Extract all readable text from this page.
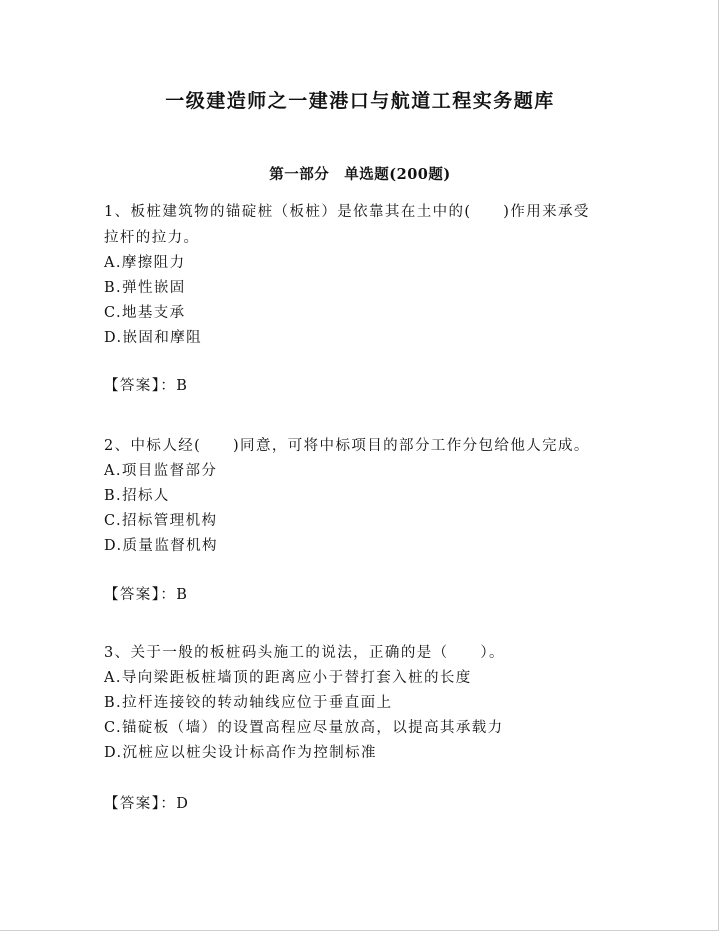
一级建造师之一建港口与航道工程实务题库
第一部分　单选题(200题)

1、板桩建筑物的锚碇桩（板桩）是依靠其在土中的(　　)作用来承受

拉杆的拉力。

A.摩擦阻力
B.弹性嵌固
C.地基支承
D.嵌固和摩阻
【答案】：B

2、中标人经(　　)同意，可将中标项目的部分工作分包给他人完成。

A.项目监督部分
B.招标人
C.招标管理机构
D.质量监督机构
【答案】：B

3、关于一般的板桩码头施工的说法，正确的是（　　）。

A.导向梁距板桩墙顶的距离应小于替打套入桩的长度
B.拉杆连接铰的转动轴线应位于垂直面上
C.锚碇板（墙）的设置高程应尽量放高，以提高其承载力
D.沉桩应以桩尖设计标高作为控制标准
【答案】：D
